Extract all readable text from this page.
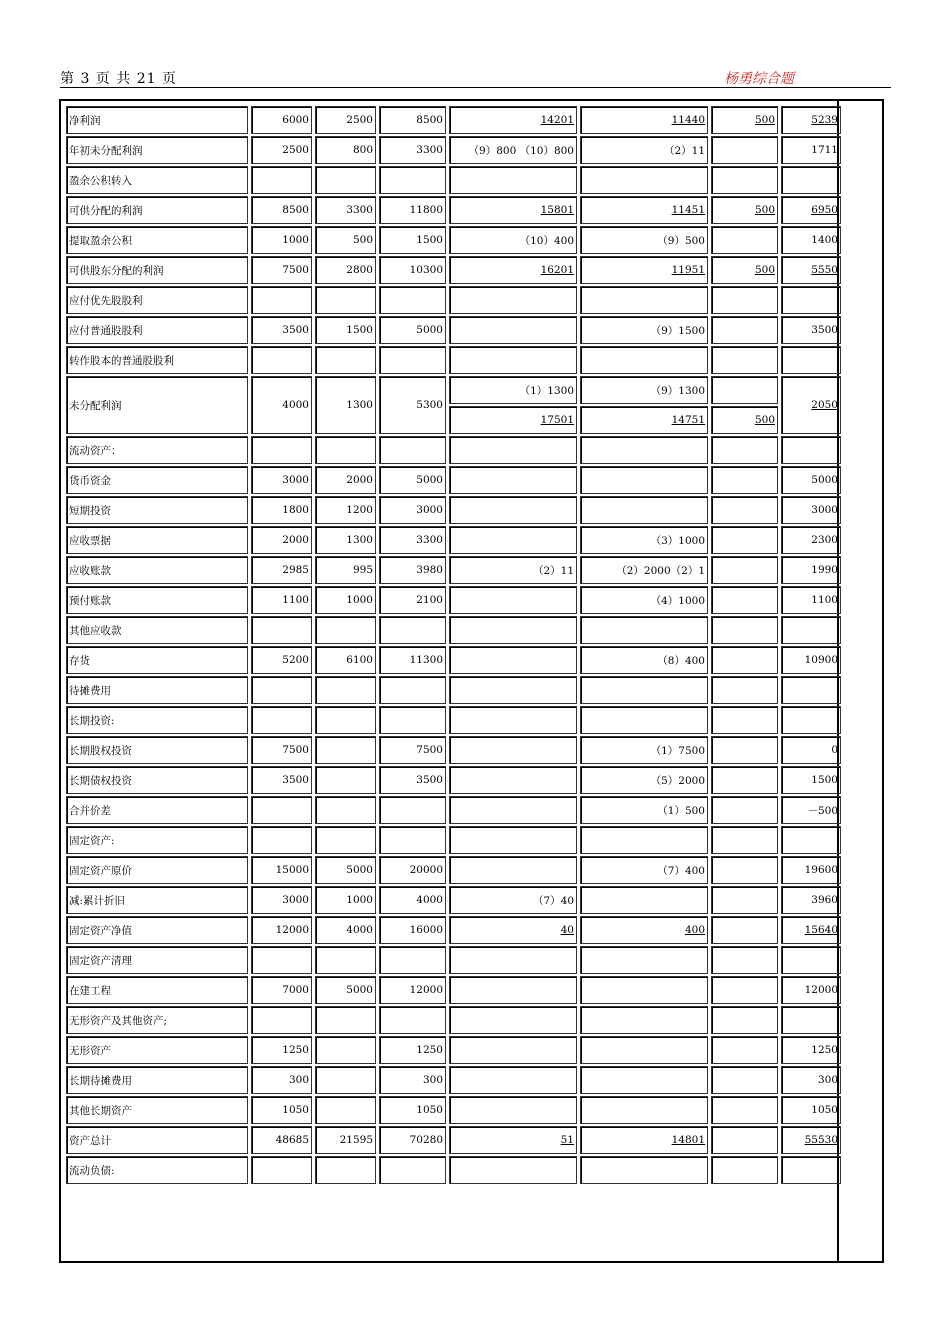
第 3 页 共 21 页	杨勇综合题
净利润	6000	2500	8500	14201	11440	500	5239
年初未分配利润	2500	800	3300	（9）800 （10）800	（2）11		1711
盈余公积转入							
可供分配的利润	8500	3300	11800	15801	11451	500	6950
提取盈余公积	1000	500	1500	（10）400	（9）500		1400
可供股东分配的利润	7500	2800	10300	16201	11951	500	5550
应付优先股股利							
应付普通股股利	3500	1500	5000		（9）1500		3500
转作股本的普通股股利							
未分配利润	4000	1300	5300	（1）1300	（9）1300		2050
				17501	14751	500	
流动资产：							
货币资金	3000	2000	5000				5000
短期投资	1800	1200	3000				3000
应收票据	2000	1300	3300		（3）1000		2300
应收账款	2985	995	3980	（2）11	（2）2000（2）1		1990
预付账款	1100	1000	2100		（4）1000		1100
其他应收款							
存货	5200	6100	11300		（8）400		10900
待摊费用							
长期投资:							
长期股权投资	7500		7500		（1）7500		0
长期债权投资	3500		3500		（5）2000		1500
合并价差					（1）500		－500
固定资产:							
固定资产原价	15000	5000	20000		（7）400		19600
减:累计折旧	3000	1000	4000	（7）40			3960
固定资产净值	12000	4000	16000	40	400		15640
固定资产清理							
在建工程	7000	5000	12000				12000
无形资产及其他资产;							
无形资产	1250		1250				1250
长期待摊费用	300		300				300
其他长期资产	1050		1050				1050
资产总计	48685	21595	70280	51	14801		55530
流动负债:							
